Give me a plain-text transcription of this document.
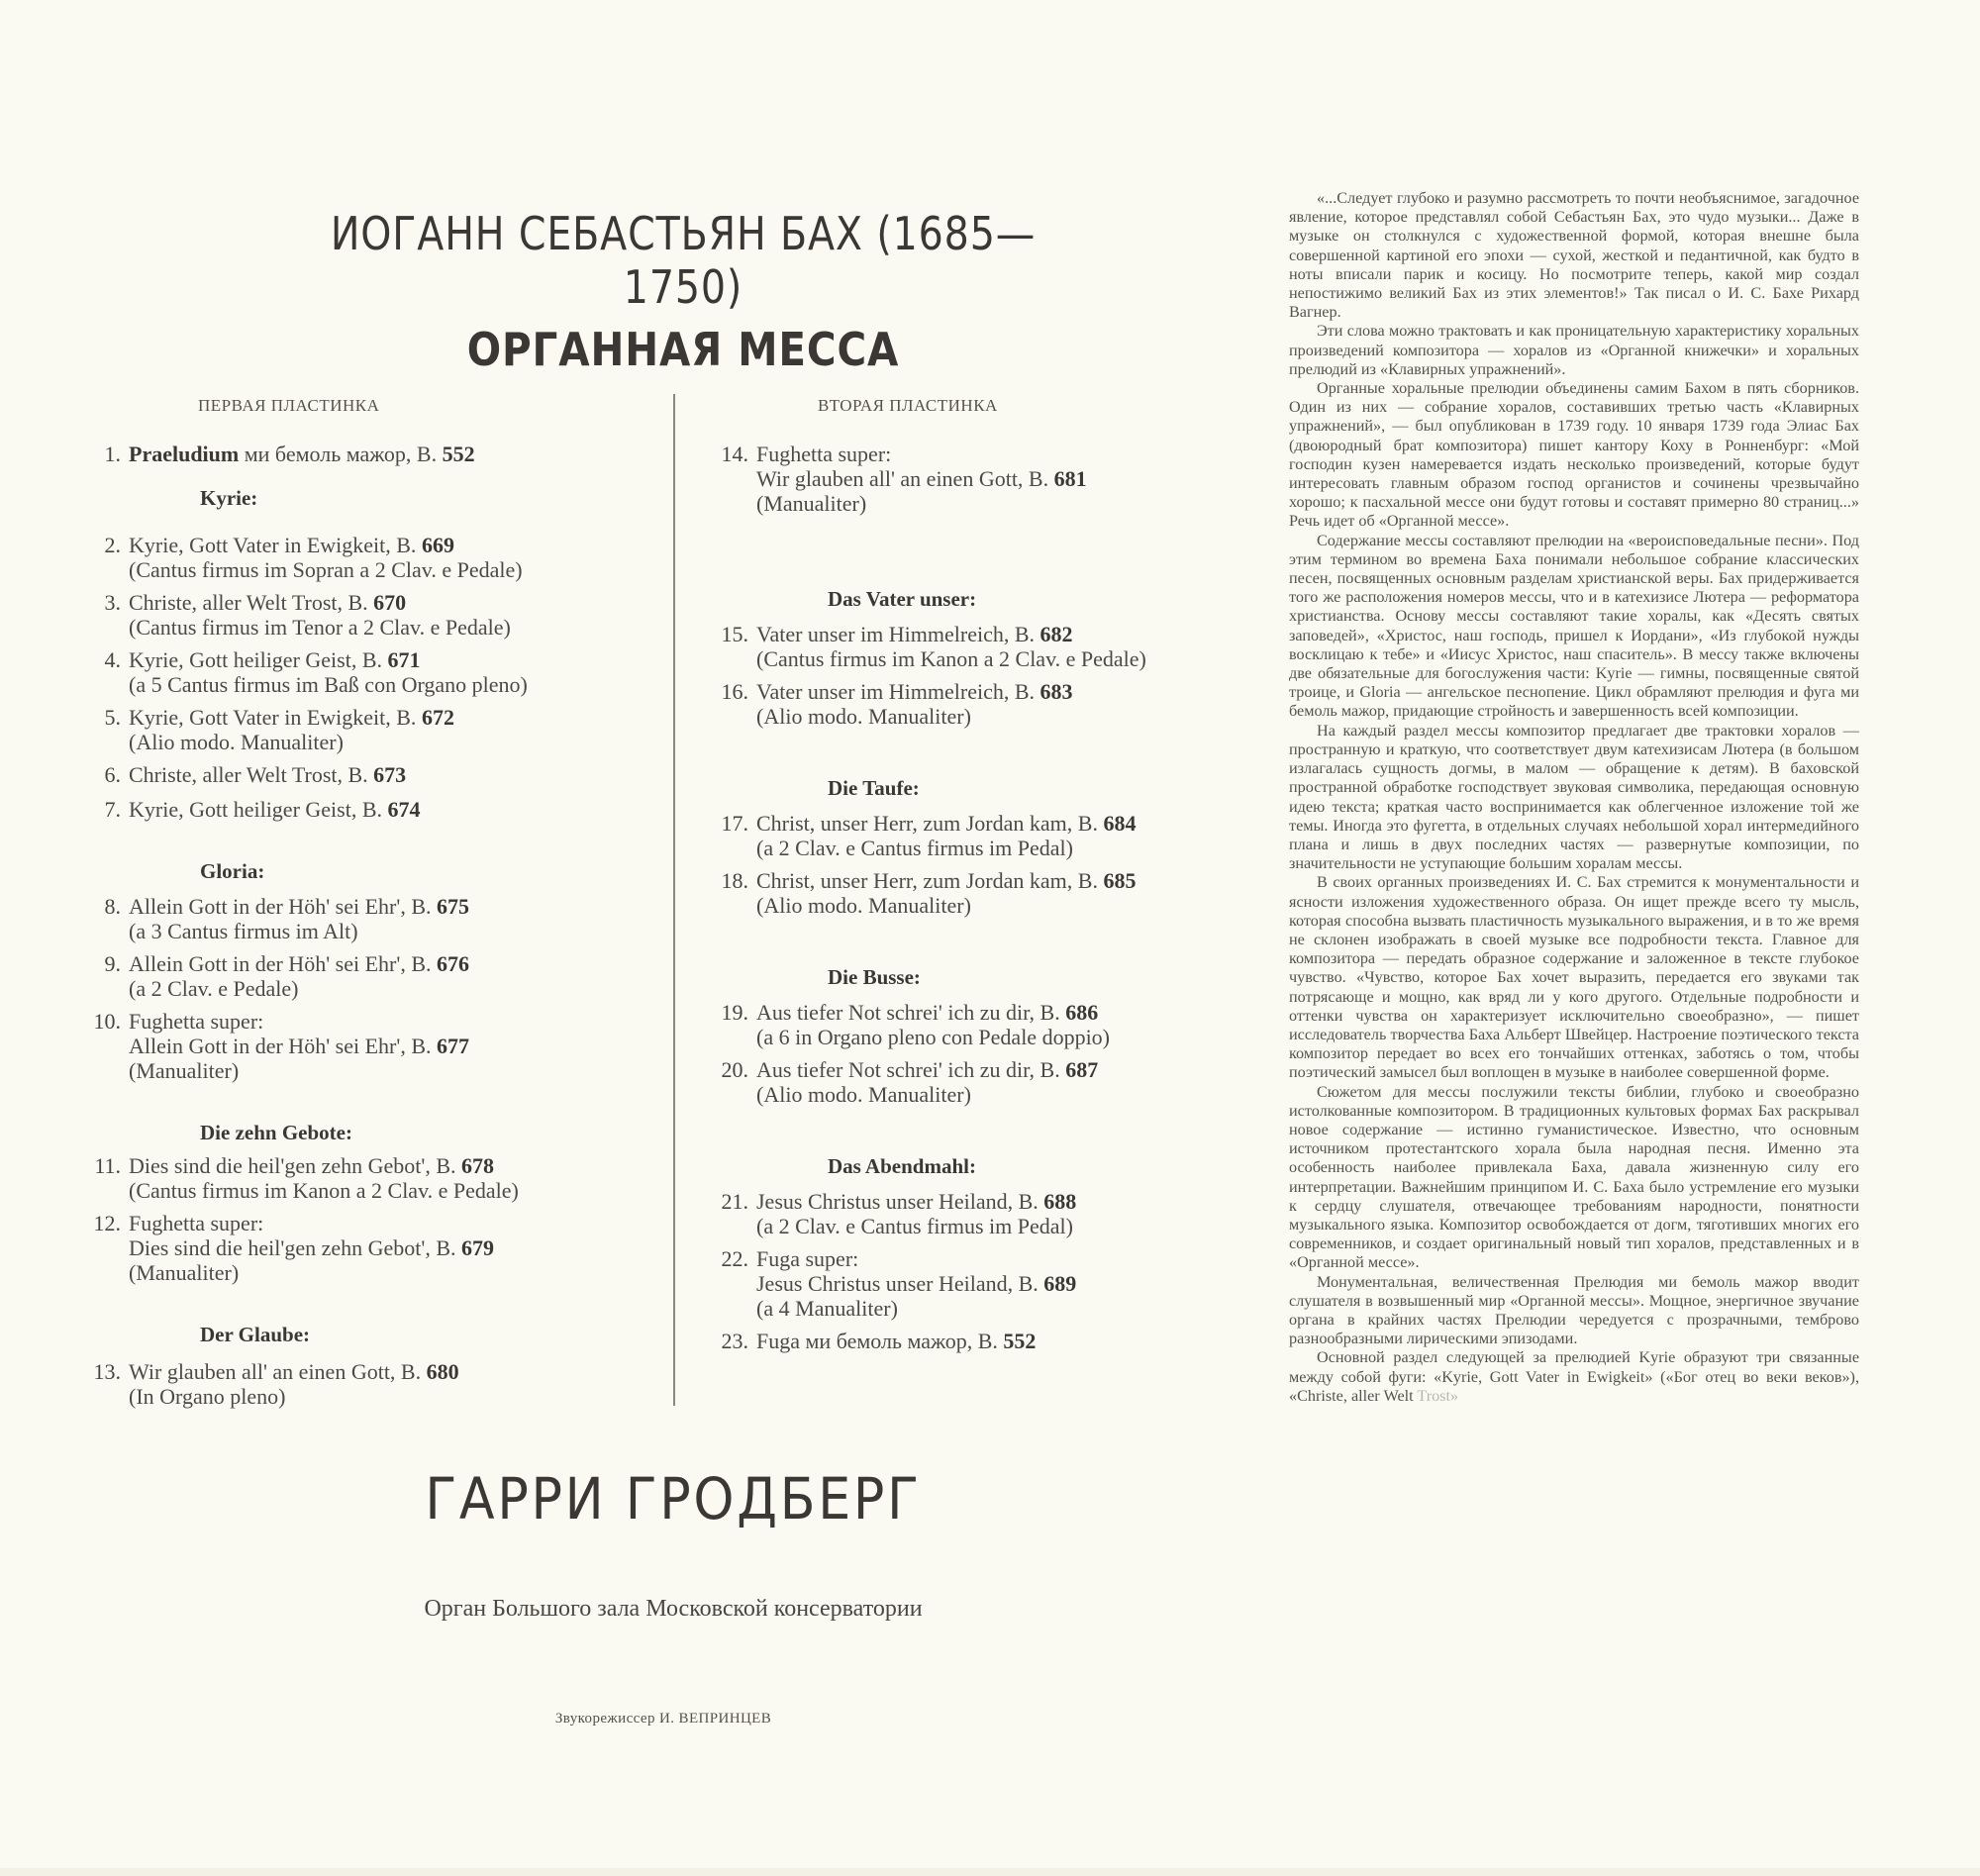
ИОГАНН СЕБАСТЬЯН БАХ (1685—1750)
ОРГАННАЯ МЕССА
ПЕРВАЯ ПЛАСТИНКА	ВТОРАЯ ПЛАСТИНКА
1. Praeludium ми бемоль мажор, В. 552
Kyrie:
2. Kyrie, Gott Vater in Ewigkeit, В. 669
(Cantus firmus im Sopran a 2 Clav. e Pedale)
3. Christe, aller Welt Trost, В. 670
(Cantus firmus im Tenor a 2 Clav. e Pedale)
4. Kyrie, Gott heiliger Geist, В. 671
(a 5 Cantus firmus im Baß con Organo pleno)
5. Kyrie, Gott Vater in Ewigkeit, В. 672
(Alio modo. Manualiter)
6. Christe, aller Welt Trost, В. 673
7. Kyrie, Gott heiliger Geist, В. 674
Gloria:
8. Allein Gott in der Höh' sei Ehr', В. 675
(a 3 Cantus firmus im Alt)
9. Allein Gott in der Höh' sei Ehr', В. 676
(a 2 Clav. e Pedale)
10. Fughetta super:
Allein Gott in der Höh' sei Ehr', В. 677
(Manualiter)
Die zehn Gebote:
11. Dies sind die heil'gen zehn Gebot', В. 678
(Cantus firmus im Kanon a 2 Clav. e Pedale)
12. Fughetta super:
Dies sind die heil'gen zehn Gebot', В. 679
(Manualiter)
Der Glaube:
13. Wir glauben all' an einen Gott, В. 680
(In Organo pleno)
14. Fughetta super:
Wir glauben all' an einen Gott, В. 681
(Manualiter)
Das Vater unser:
15. Vater unser im Himmelreich, В. 682
(Cantus firmus im Kanon a 2 Clav. e Pedale)
16. Vater unser im Himmelreich, В. 683
(Alio modo. Manualiter)
Die Taufe:
17. Christ, unser Herr, zum Jordan kam, В. 684
(a 2 Clav. e Cantus firmus im Pedal)
18. Christ, unser Herr, zum Jordan kam, В. 685
(Alio modo. Manualiter)
Die Busse:
19. Aus tiefer Not schrei' ich zu dir, В. 686
(a 6 in Organo pleno con Pedale doppio)
20. Aus tiefer Not schrei' ich zu dir, В. 687
(Alio modo. Manualiter)
Das Abendmahl:
21. Jesus Christus unser Heiland, В. 688
(a 2 Clav. e Cantus firmus im Pedal)
22. Fuga super:
Jesus Christus unser Heiland, В. 689
(a 4 Manualiter)
23. Fuga ми бемоль мажор, В. 552
ГАРРИ ГРОДБЕРГ
Орган Большого зала Московской консерватории
Звукорежиссер И. ВЕПРИНЦЕВ

«...Следует глубоко и разумно рассмотреть то почти необъяснимое, загадочное явление, которое представлял собой Себастьян Бах, это чудо музыки... Даже в музыке он столкнулся с художественной формой, которая внешне была совершенной картиной его эпохи — сухой, жесткой и педантичной, как будто в ноты вписали парик и косицу. Но посмотрите теперь, какой мир создал непостижимо великий Бах из этих элементов!» Так писал о И. С. Бахе Рихард Вагнер.

Эти слова можно трактовать и как проницательную характеристику хоральных произведений композитора — хоралов из «Органной книжечки» и хоральных прелюдий из «Клавирных упражнений».

Органные хоральные прелюдии объединены самим Бахом в пять сборников. Один из них — собрание хоралов, составивших третью часть «Клавирных упражнений», — был опубликован в 1739 году. 10 января 1739 года Элиас Бах (двоюродный брат композитора) пишет кантору Коху в Ронненбург: «Мой господин кузен намеревается издать несколько произведений, которые будут интересовать главным образом господ органистов и сочинены чрезвычайно хорошо; к пасхальной мессе они будут готовы и составят примерно 80 страниц...» Речь идет об «Органной мессе».

Содержание мессы составляют прелюдии на «вероисповедальные песни». Под этим термином во времена Баха понимали небольшое собрание классических песен, посвященных основным разделам христианской веры. Бах придерживается того же расположения номеров мессы, что и в катехизисе Лютера — реформатора христианства. Основу мессы составляют такие хоралы, как «Десять святых заповедей», «Христос, наш господь, пришел к Иордани», «Из глубокой нужды восклицаю к тебе» и «Иисус Христос, наш спаситель». В мессу также включены две обязательные для богослужения части: Kyrie — гимны, посвященные святой троице, и Gloria — ангельское песнопение. Цикл обрамляют прелюдия и фуга ми бемоль мажор, придающие стройность и завершенность всей композиции.

На каждый раздел мессы композитор предлагает две трактовки хоралов — пространную и краткую, что соответствует двум катехизисам Лютера (в большом излагалась сущность догмы, в малом — обращение к детям). В баховской пространной обработке господствует звуковая символика, передающая основную идею текста; краткая часто воспринимается как облегченное изложение той же темы. Иногда это фугетта, в отдельных случаях небольшой хорал интермедийного плана и лишь в двух последних частях — развернутые композиции, по значительности не уступающие большим хоралам мессы.

В своих органных произведениях И. С. Бах стремится к монументальности и ясности изложения художественного образа. Он ищет прежде всего ту мысль, которая способна вызвать пластичность музыкального выражения, и в то же время не склонен изображать в своей музыке все подробности текста. Главное для композитора — передать образное содержание и заложенное в тексте глубокое чувство. «Чувство, которое Бах хочет выразить, передается его звуками так потрясающе и мощно, как вряд ли у кого другого. Отдельные подробности и оттенки чувства он характеризует исключительно своеобразно», — пишет исследователь творчества Баха Альберт Швейцер. Настроение поэтического текста композитор передает во всех его тончайших оттенках, заботясь о том, чтобы поэтический замысел был воплощен в музыке в наиболее совершенной форме.

Сюжетом для мессы послужили тексты библии, глубоко и своеобразно истолкованные композитором. В традиционных культовых формах Бах раскрывал новое содержание — истинно гуманистическое. Известно, что основным источником протестантского хорала была народная песня. Именно эта особенность наиболее привлекала Баха, давала жизненную силу его интерпретации. Важнейшим принципом И. С. Баха было устремление его музыки к сердцу слушателя, отвечающее требованиям народности, понятности музыкального языка. Композитор освобождается от догм, тяготивших многих его современников, и создает оригинальный новый тип хоралов, представленных и в «Органной мессе».

Монументальная, величественная Прелюдия ми бемоль мажор вводит слушателя в возвышенный мир «Органной мессы». Мощное, энергичное звучание органа в крайних частях Прелюдии чередуется с прозрачными, темброво разнообразными лирическими эпизодами.

Основной раздел следующей за прелюдией Kyrie образуют три связанные между собой фуги: «Kyrie, Gott Vater in Ewigkeit» («Бог отец во веки веков»), «Christe, aller Welt Trost»
